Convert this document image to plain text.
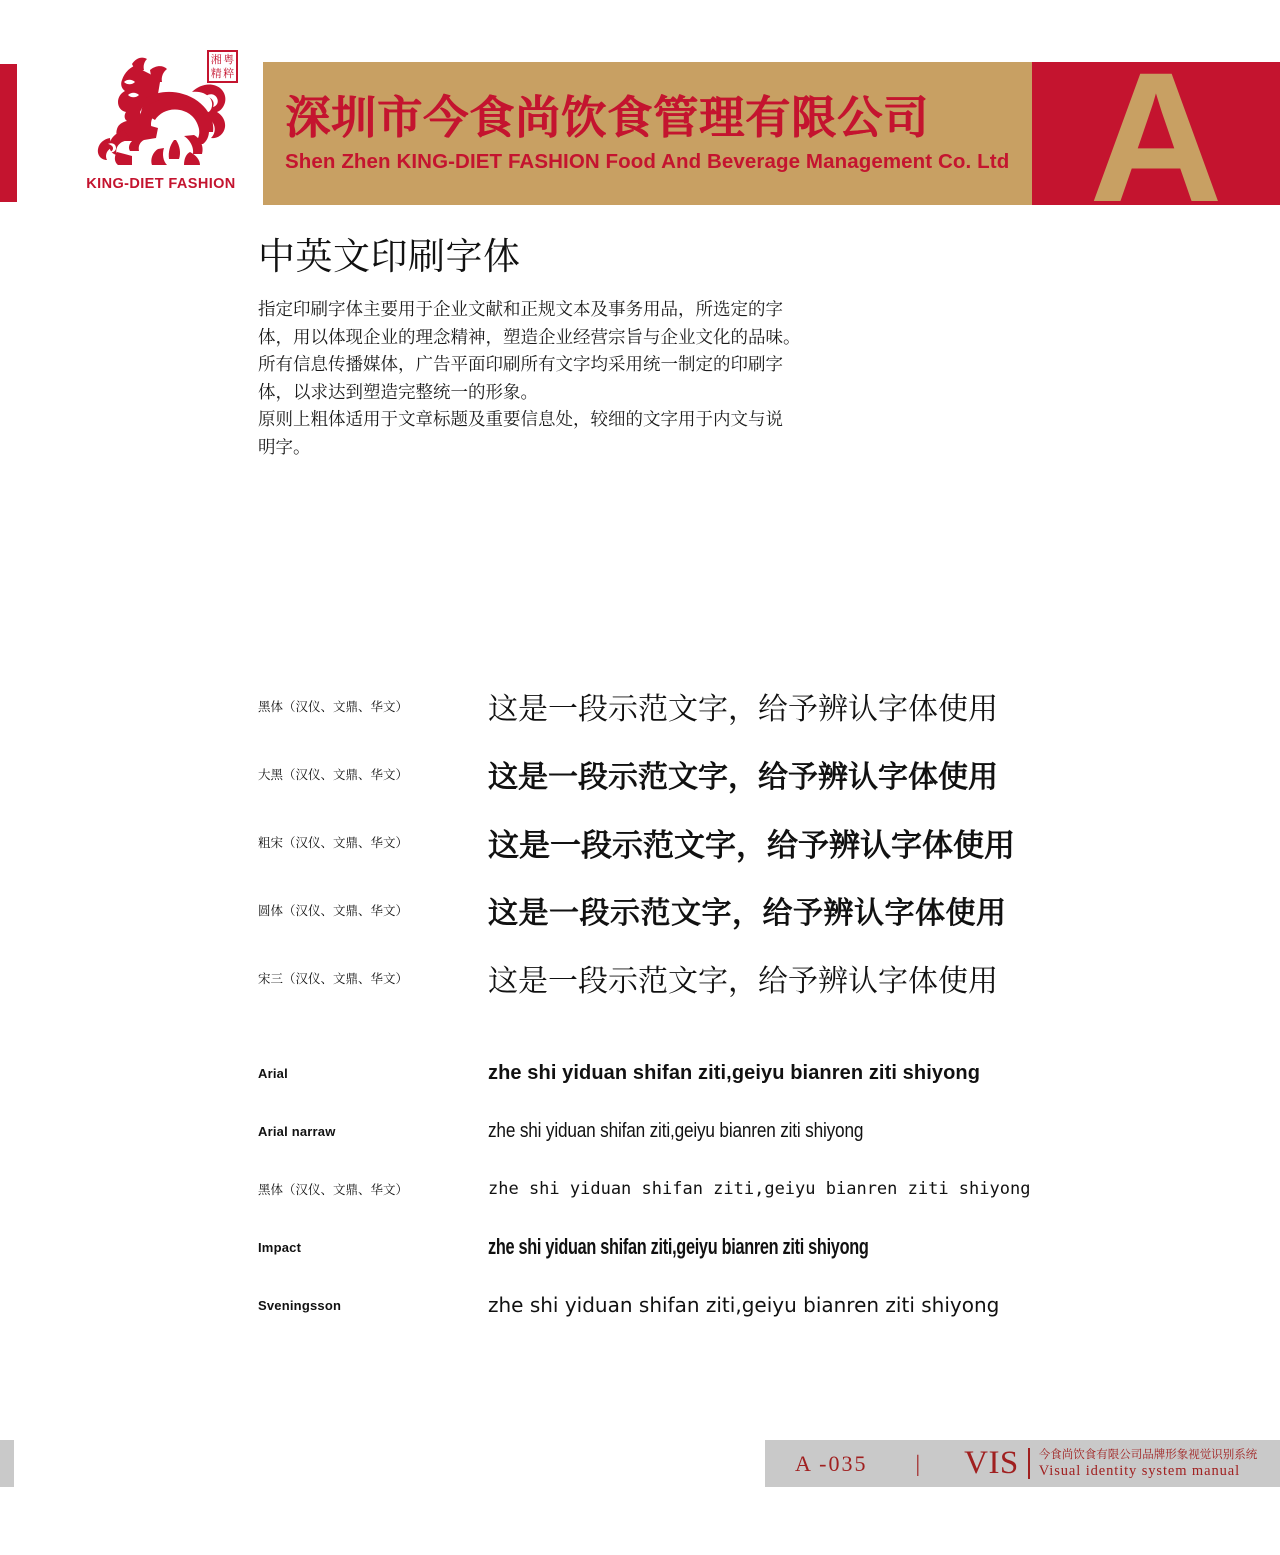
湘 粤
精 粹
KING-DIET FASHION
深圳市今食尚饮食管理有限公司
Shen Zhen KING-DIET FASHION Food And Beverage Management Co. Ltd A
中英文印刷字体

指定印刷字体主要用于企业文献和正规文本及事务用品，所选定的字

体，用以体现企业的理念精神，塑造企业经营宗旨与企业文化的品味。

所有信息传播媒体，广告平面印刷所有文字均采用统一制定的印刷字

体，以求达到塑造完整统一的形象。

原则上粗体适用于文章标题及重要信息处，较细的文字用于内文与说

明字。

黑体（汉仪、文鼎、华文）	这是一段示范文字，给予辨认字体使用
大黑（汉仪、文鼎、华文）	这是一段示范文字，给予辨认字体使用
粗宋（汉仪、文鼎、华文）	这是一段示范文字，给予辨认字体使用
圆体（汉仪、文鼎、华文）	这是一段示范文字，给予辨认字体使用
宋三（汉仪、文鼎、华文）	这是一段示范文字，给予辨认字体使用
Arial	zhe shi yiduan shifan ziti,geiyu bianren ziti shiyong
Arial narraw	zhe shi yiduan shifan ziti,geiyu bianren ziti shiyong
黑体（汉仪、文鼎、华文）	zhe shi yiduan shifan ziti,geiyu bianren ziti shiyong
Impact	zhe shi yiduan shifan ziti,geiyu bianren ziti shiyong
Sveningsson	zhe shi yiduan shifan ziti,geiyu bianren ziti shiyong
A -035 | VIS 今食尚饮食有限公司品牌形象视觉识别系统
Visual identity system manual
